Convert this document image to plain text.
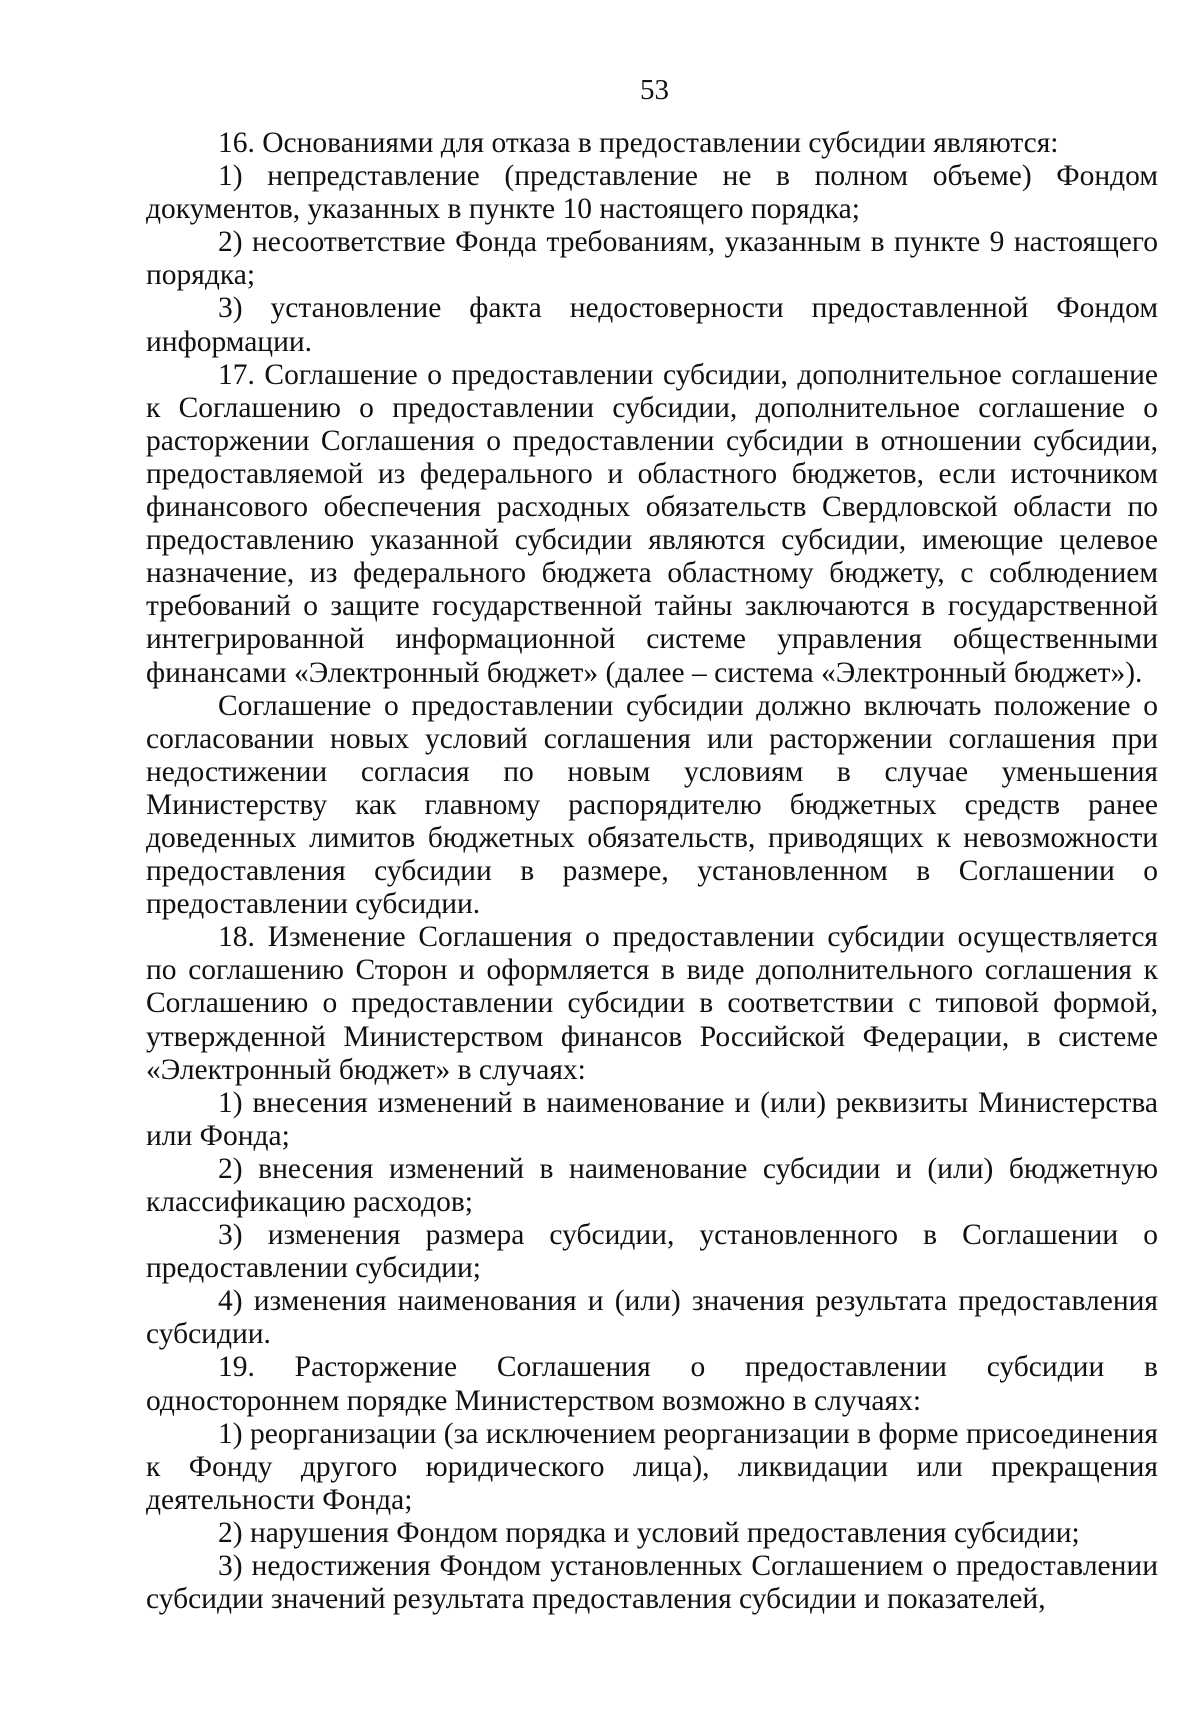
53

16. Основаниями для отказа в предоставлении субсидии являются:

1) непредставление (представление не в полном объеме) Фондом документов, указанных в пункте 10 настоящего порядка;

2) несоответствие Фонда требованиям, указанным в пункте 9 настоящего порядка;

3) установление факта недостоверности предоставленной Фондом информации.

17. Соглашение о предоставлении субсидии, дополнительное соглашение к Соглашению о предоставлении субсидии, дополнительное соглашение о расторжении Соглашения о предоставлении субсидии в отношении субсидии, предоставляемой из федерального и областного бюджетов, если источником финансового обеспечения расходных обязательств Свердловской области по предоставлению указанной субсидии являются субсидии, имеющие целевое назначение, из федерального бюджета областному бюджету, с соблюдением требований о защите государственной тайны заключаются в государственной интегрированной информационной системе управления общественными финансами «Электронный бюджет» (далее – система «Электронный бюджет»).

Соглашение о предоставлении субсидии должно включать положение о согласовании новых условий соглашения или расторжении соглашения при недостижении согласия по новым условиям в случае уменьшения Министерству как главному распорядителю бюджетных средств ранее доведенных лимитов бюджетных обязательств, приводящих к невозможности предоставления субсидии в размере, установленном в Соглашении о предоставлении субсидии.

18. Изменение Соглашения о предоставлении субсидии осуществляется по соглашению Сторон и оформляется в виде дополнительного соглашения к Соглашению о предоставлении субсидии в соответствии с типовой формой, утвержденной Министерством финансов Российской Федерации, в системе «Электронный бюджет» в случаях:

1) внесения изменений в наименование и (или) реквизиты Министерства или Фонда;

2) внесения изменений в наименование субсидии и (или) бюджетную классификацию расходов;

3) изменения размера субсидии, установленного в Соглашении о предоставлении субсидии;

4) изменения наименования и (или) значения результата предоставления субсидии.

19. Расторжение Соглашения о предоставлении субсидии в одностороннем порядке Министерством возможно в случаях:

1) реорганизации (за исключением реорганизации в форме присоединения к Фонду другого юридического лица), ликвидации или прекращения деятельности Фонда;

2) нарушения Фондом порядка и условий предоставления субсидии;

3) недостижения Фондом установленных Соглашением о предоставлении субсидии значений результата предоставления субсидии и показателей,
